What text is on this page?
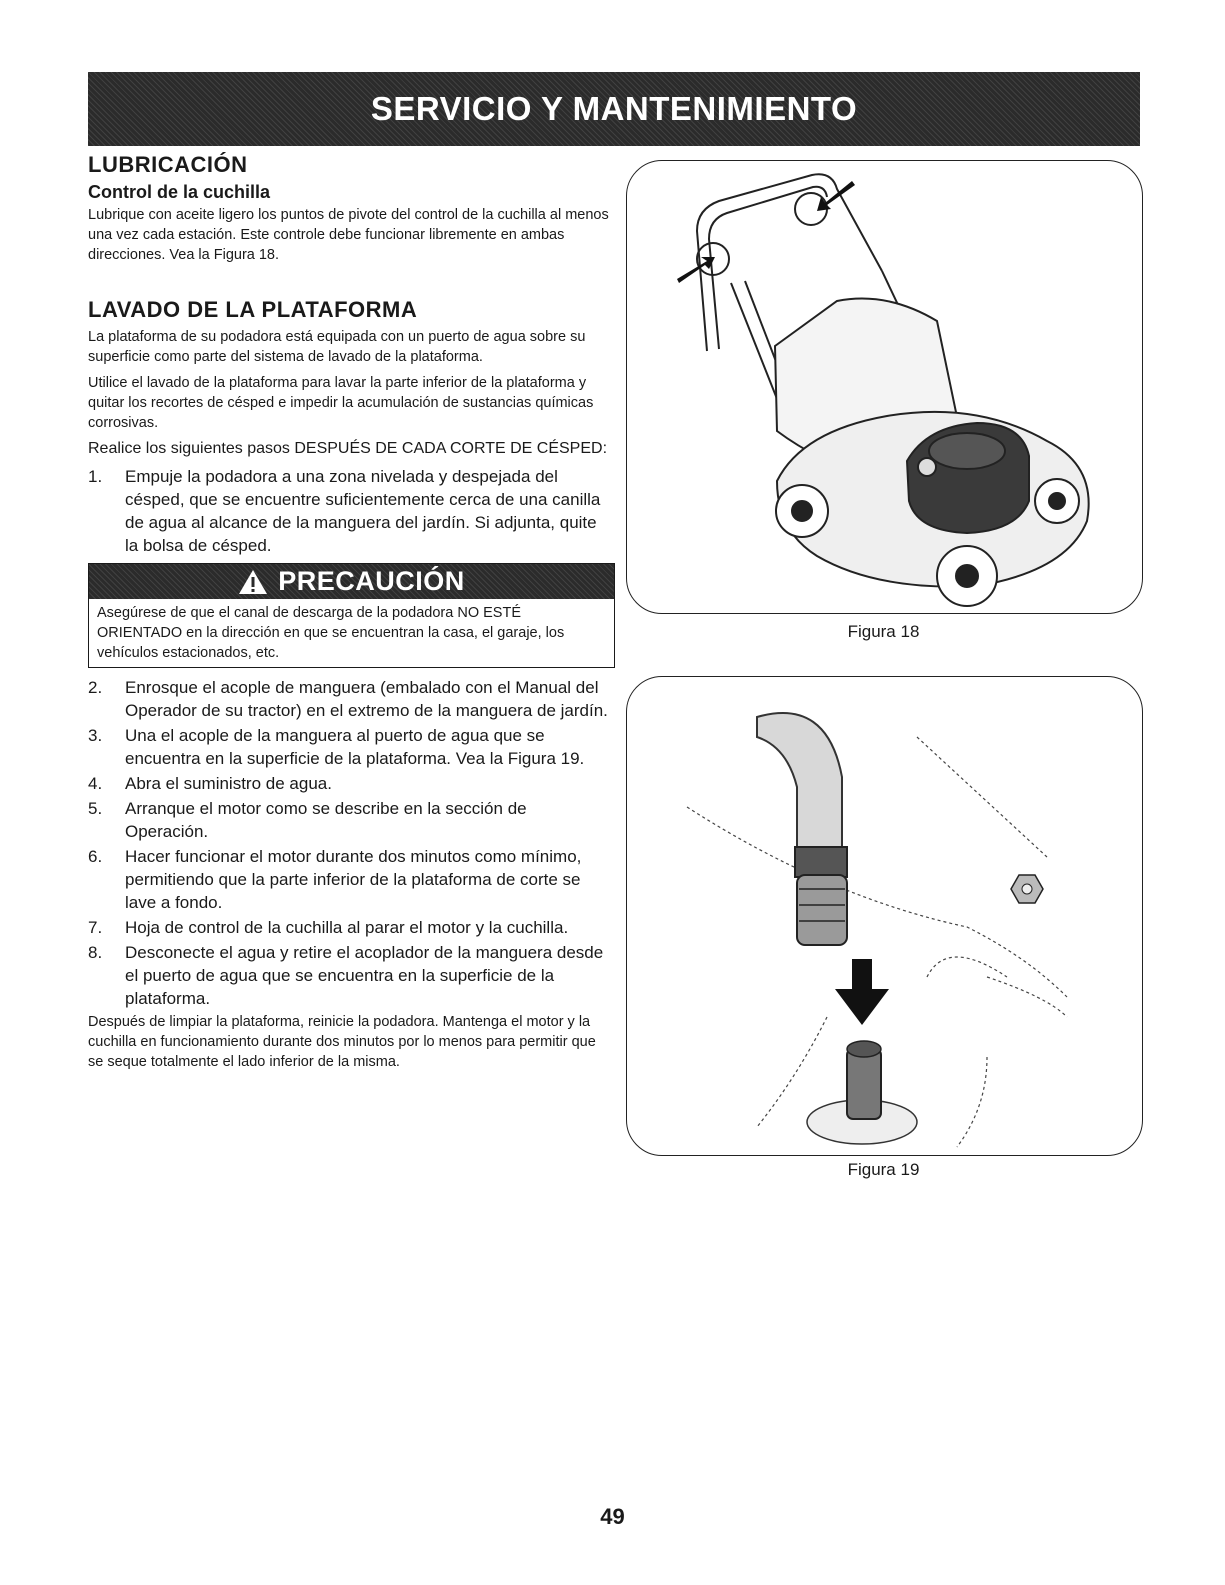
SERVICIO Y MANTENIMIENTO
LUBRICACIÓN
Control de la cuchilla

Lubrique con aceite ligero los puntos de pivote del control de la cuchilla al menos una vez cada estación. Este controle debe funcionar libremente en ambas direcciones. Vea la Figura 18.

LAVADO DE LA PLATAFORMA

La plataforma de su podadora está equipada con un puerto de agua sobre su superficie como parte del sistema de lavado de la plataforma.

Utilice el lavado de la plataforma para lavar la parte inferior de la plataforma y quitar los recortes de césped e impedir la acumulación de sustancias químicas corrosivas.

Realice los siguientes pasos DESPUÉS DE CADA CORTE DE CÉSPED:

1.	Empuje la podadora a una zona nivelada y despejada del césped, que se encuentre suficientemente cerca de una canilla de agua al alcance de la manguera del jardín. Si adjunta, quite la bolsa de césped.
PRECAUCIÓN
Asegúrese de que el canal de descarga de la podadora NO ESTÉ ORIENTADO en la dirección en que se encuentran la casa, el garaje, los vehículos estacionados, etc.
2.	Enrosque el acople de manguera (embalado con el Manual del Operador de su tractor) en el extremo de la manguera de jardín.
3.	Una el acople de la manguera al puerto de agua que se encuentra en la superficie de la plataforma. Vea la Figura 19.
4.	Abra el suministro de agua.
5.	Arranque el motor como se describe en la sección de Operación.
6.	Hacer funcionar el motor durante dos minutos como mínimo, permitiendo que la parte inferior de la plataforma de corte se lave a fondo.
7.	Hoja de control de la cuchilla al parar el motor y la cuchilla.
8.	Desconecte el agua y retire el acoplador de la manguera desde el puerto de agua que se encuentra en la superficie de la plataforma.

Después de limpiar la plataforma, reinicie la podadora. Mantenga el motor y la cuchilla en funcionamiento durante dos minutos por lo menos para permitir que se seque totalmente el lado inferior de la misma.

Figura 18
Figura 19
49
